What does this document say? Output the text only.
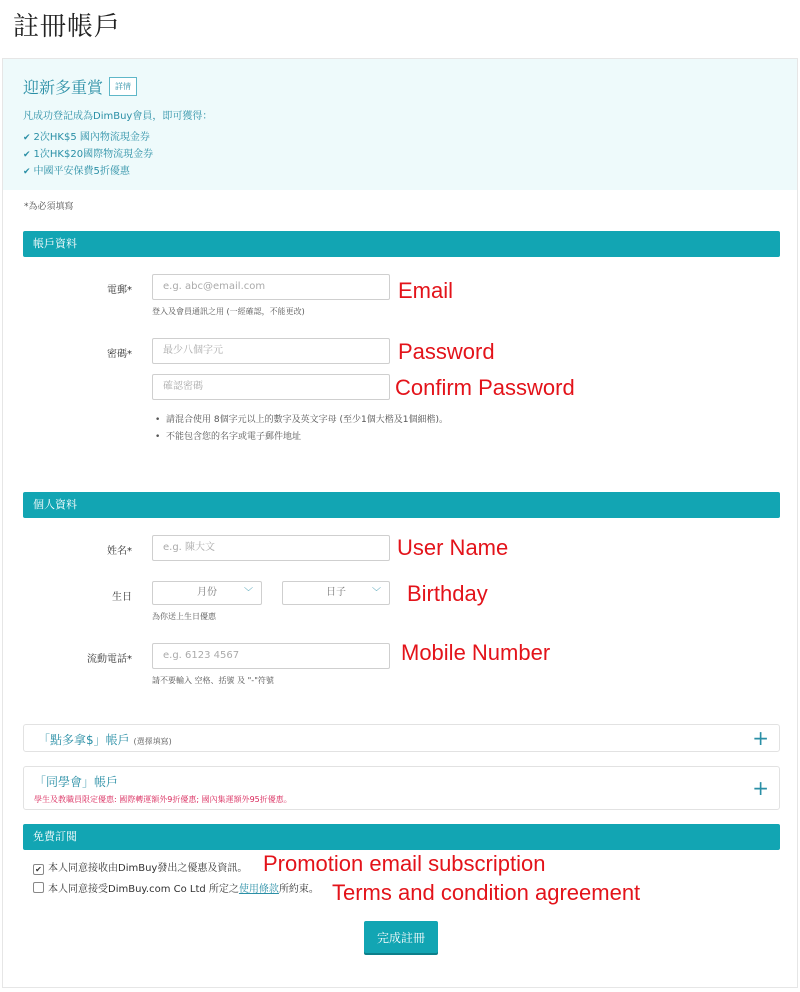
註冊帳戶
迎新多重賞	詳情
凡成功登記成為DimBuy會員，即可獲得：
✔ 2次HK$5 國內物流現金券
✔ 1次HK$20國際物流現金券
✔ 中國平安保費5折優惠
*為必須填寫
帳戶資料
電郵*	e.g. abc@email.com	Email
登入及會員通訊之用 (一經確認，不能更改)
密碼*	最少八個字元	Password
確認密碼	Confirm Password
•  請混合使用 8個字元以上的數字及英文字母 (至少1個大楷及1個細楷)。
•  不能包含您的名字或電子郵件地址
個人資料
姓名*	e.g. 陳大文	User Name
生日	月份	﹀	日子	﹀ Birthday
為你送上生日優惠
流動電話*	e.g. 6123 4567	Mobile Number
請不要輸入 空格、括號 及 "-"符號
「點多拿$」帳戶 (選擇填寫)	+
「同學會」帳戶
學生及教職員限定優惠: 國際轉運額外9折優惠; 國內集運額外95折優惠。	+
免費訂閱
✔ 本人同意接收由DimBuy發出之優惠及資訊。 Promotion email subscription
本人同意接受DimBuy.com Co Ltd 所定之使用條款所約束。 Terms and condition agreement
完成註冊
